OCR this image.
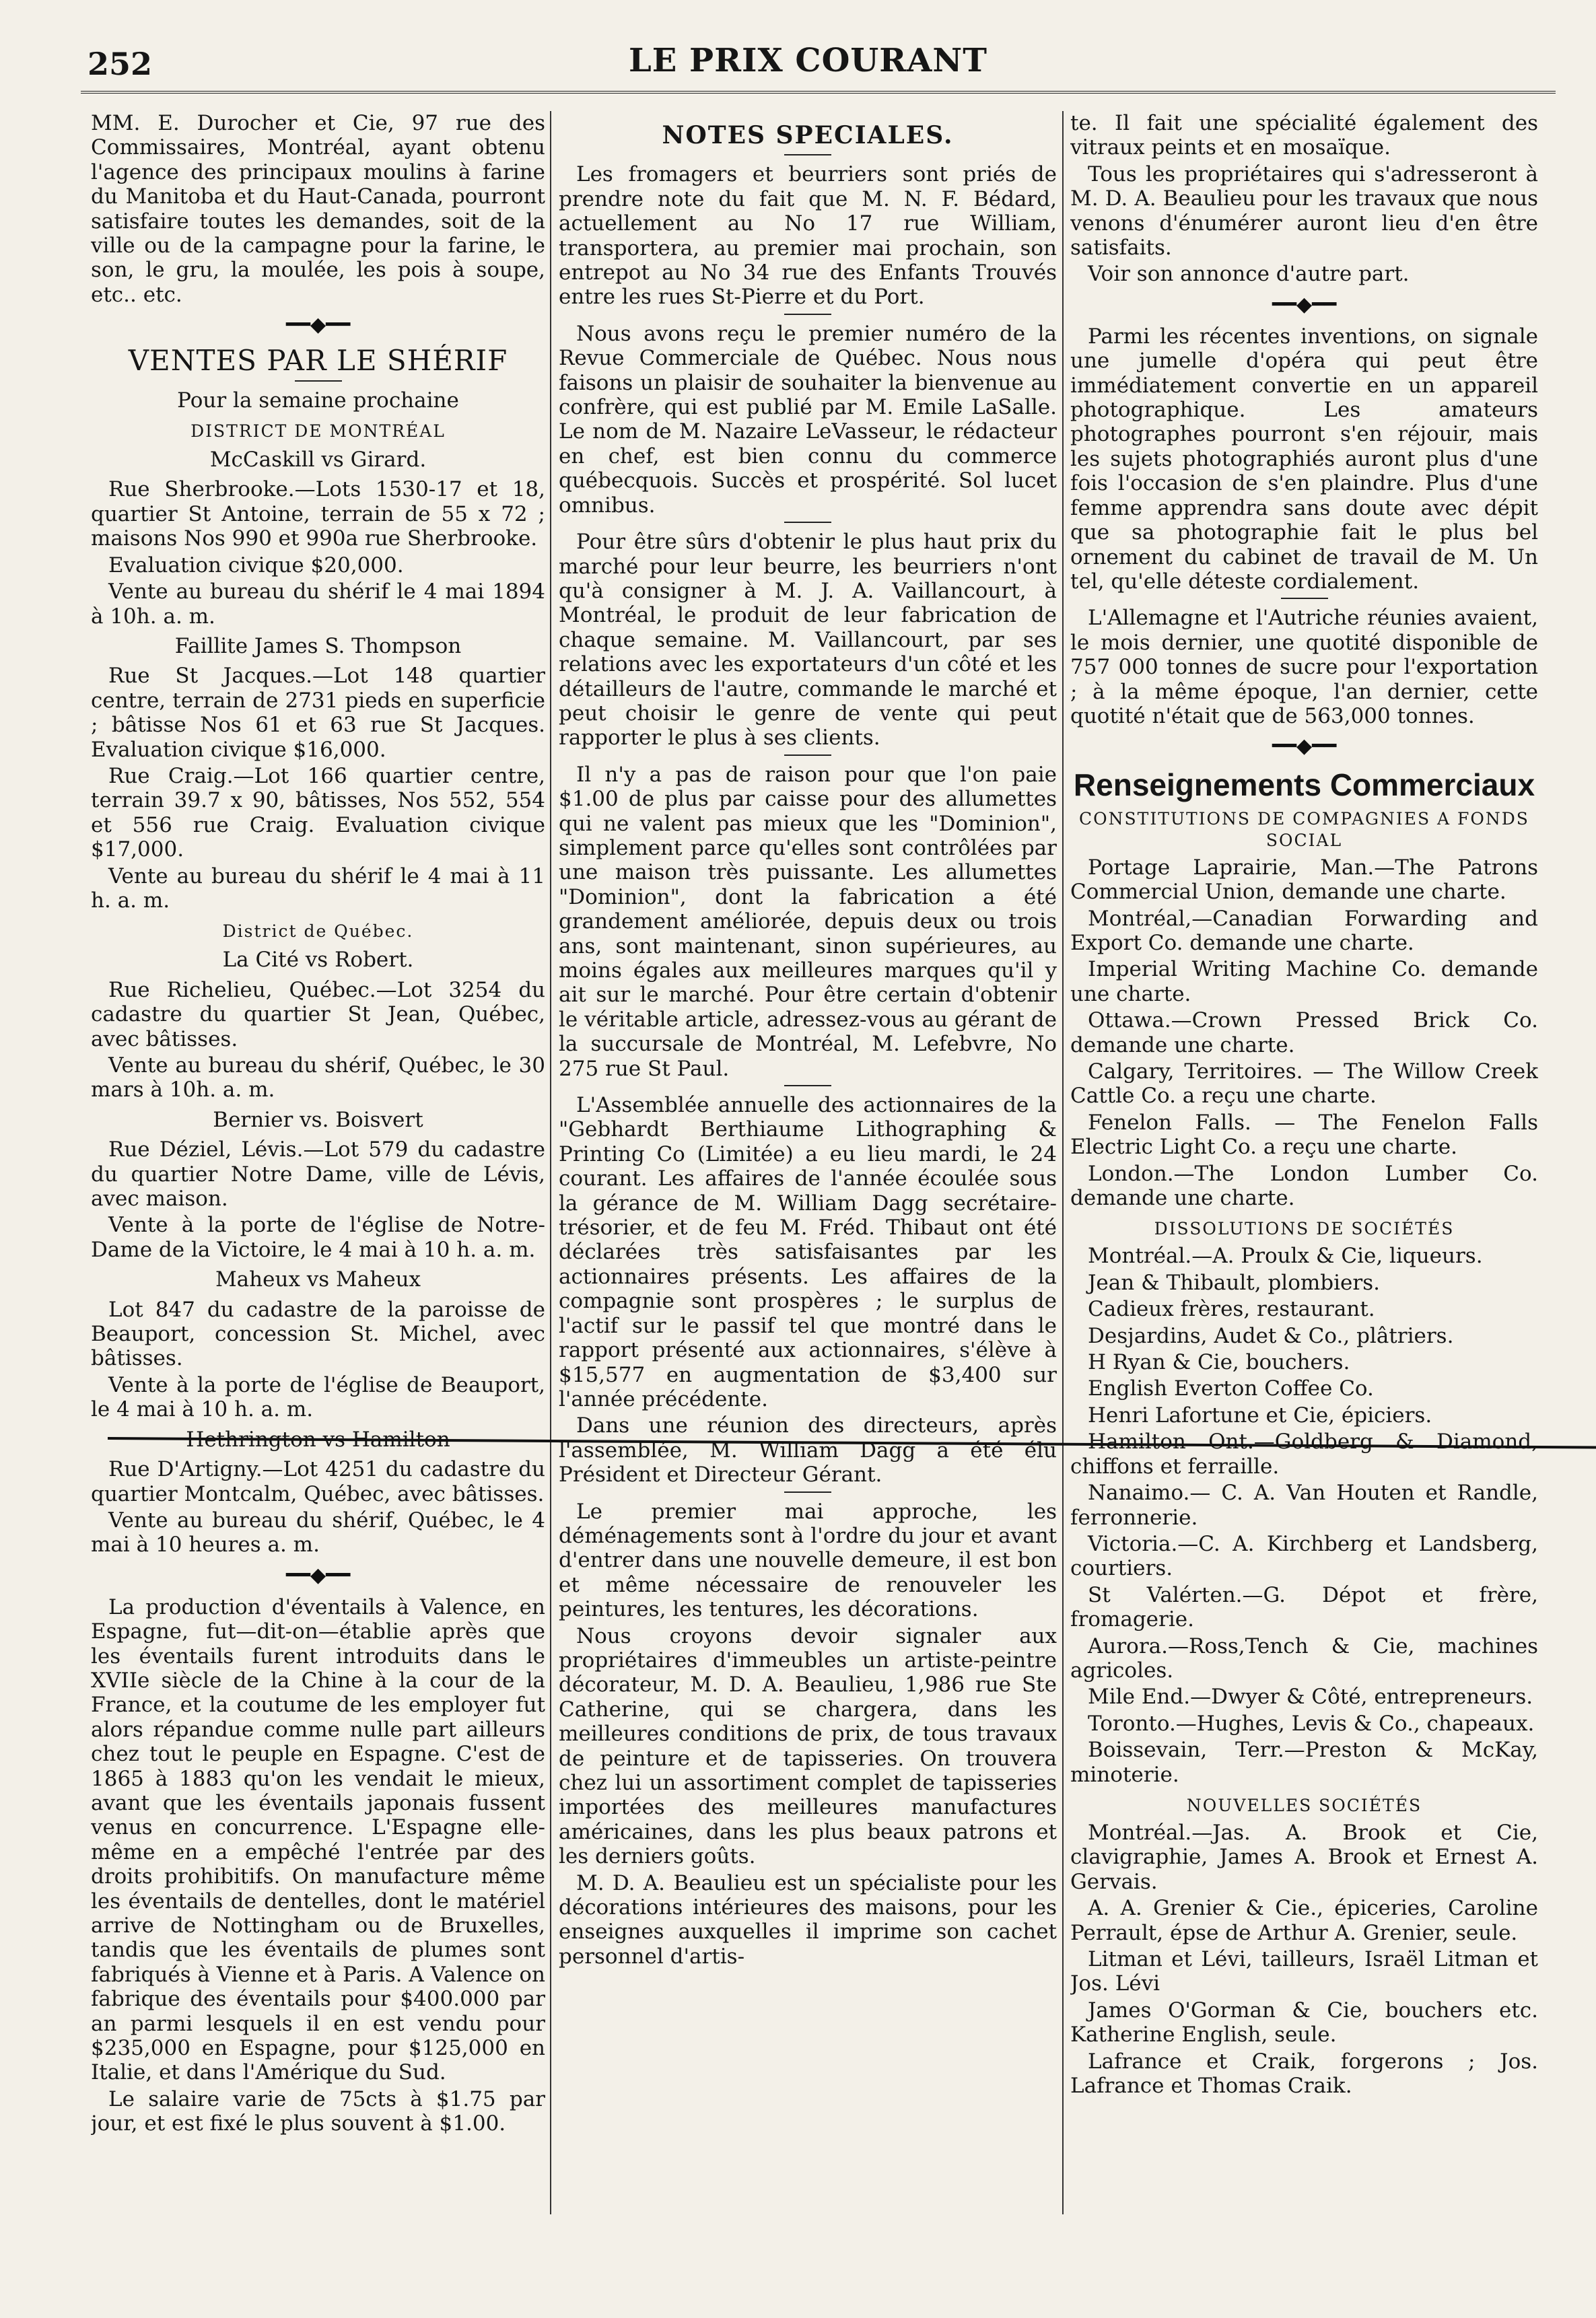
252	LE PRIX COURANT

MM. E. Durocher et Cie, 97 rue des Commissaires, Montréal, ayant obtenu l'agence des principaux moulins à farine du Manitoba et du Haut-Canada, pourront satisfaire toutes les demandes, soit de la ville ou de la campagne pour la farine, le son, le gru, la moulée, les pois à soupe, etc.. etc.

━━◆━━
VENTES PAR LE SHÉRIF
Pour la semaine prochaine
DISTRICT DE MONTRÉAL
McCaskill vs Girard.

Rue Sherbrooke.—Lots 1530-17 et 18, quartier St Antoine, terrain de 55 x 72 ; maisons Nos 990 et 990a rue Sherbrooke.

Evaluation civique $20,000.

Vente au bureau du shérif le 4 mai 1894 à 10h. a. m.

Faillite James S. Thompson

Rue St Jacques.—Lot 148 quartier centre, terrain de 2731 pieds en superficie ; bâtisse Nos 61 et 63 rue St Jacques. Evaluation civique $16,000.

Rue Craig.—Lot 166 quartier centre, terrain 39.7 x 90, bâtisses, Nos 552, 554 et 556 rue Craig. Evaluation civique $17,000.

Vente au bureau du shérif le 4 mai à 11 h. a. m.

District de Québec.
La Cité vs Robert.

Rue Richelieu, Québec.—Lot 3254 du cadastre du quartier St Jean, Québec, avec bâtisses.

Vente au bureau du shérif, Québec, le 30 mars à 10h. a. m.

Bernier vs. Boisvert

Rue Déziel, Lévis.—Lot 579 du cadastre du quartier Notre Dame, ville de Lévis, avec maison.

Vente à la porte de l'église de Notre-Dame de la Victoire, le 4 mai à 10 h. a. m.

Maheux vs Maheux

Lot 847 du cadastre de la paroisse de Beauport, concession St. Michel, avec bâtisses.

Vente à la porte de l'église de Beauport, le 4 mai à 10 h. a. m.

Hethrington vs Hamilton

Rue D'Artigny.—Lot 4251 du cadastre du quartier Montcalm, Québec, avec bâtisses.

Vente au bureau du shérif, Québec, le 4 mai à 10 heures a. m.

━━◆━━

La production d'éventails à Valence, en Espagne, fut—dit-on—établie après que les éventails furent introduits dans le XVIIe siècle de la Chine à la cour de la France, et la coutume de les employer fut alors répandue comme nulle part ailleurs chez tout le peuple en Espagne. C'est de 1865 à 1883 qu'on les vendait le mieux, avant que les éventails japonais fussent venus en concurrence. L'Espagne elle-même en a empêché l'entrée par des droits prohibitifs. On manufacture même les éventails de dentelles, dont le matériel arrive de Nottingham ou de Bruxelles, tandis que les éventails de plumes sont fabriqués à Vienne et à Paris. A Valence on fabrique des éventails pour $400.000 par an parmi lesquels il en est vendu pour $235,000 en Espagne, pour $125,000 en Italie, et dans l'Amérique du Sud.

Le salaire varie de 75cts à $1.75 par jour, et est fixé le plus souvent à $1.00.

NOTES SPECIALES.

Les fromagers et beurriers sont priés de prendre note du fait que M. N. F. Bédard, actuellement au No 17 rue William, transportera, au premier mai prochain, son entrepot au No 34 rue des Enfants Trouvés entre les rues St-Pierre et du Port.

Nous avons reçu le premier numéro de la Revue Commerciale de Québec. Nous nous faisons un plaisir de souhaiter la bienvenue au confrère, qui est publié par M. Emile LaSalle. Le nom de M. Nazaire LeVasseur, le rédacteur en chef, est bien connu du commerce québecquois. Succès et prospérité. Sol lucet omnibus.

Pour être sûrs d'obtenir le plus haut prix du marché pour leur beurre, les beurriers n'ont qu'à consigner à M. J. A. Vaillancourt, à Montréal, le produit de leur fabrication de chaque semaine. M. Vaillancourt, par ses relations avec les exportateurs d'un côté et les détailleurs de l'autre, commande le marché et peut choisir le genre de vente qui peut rapporter le plus à ses clients.

Il n'y a pas de raison pour que l'on paie $1.00 de plus par caisse pour des allumettes qui ne valent pas mieux que les "Dominion", simplement parce qu'elles sont contrôlées par une maison très puissante. Les allumettes "Dominion", dont la fabrication a été grandement améliorée, depuis deux ou trois ans, sont maintenant, sinon supérieures, au moins égales aux meilleures marques qu'il y ait sur le marché. Pour être certain d'obtenir le véritable article, adressez-vous au gérant de la succursale de Montréal, M. Lefebvre, No 275 rue St Paul.

L'Assemblée annuelle des actionnaires de la "Gebhardt Berthiaume Lithographing & Printing Co (Limitée) a eu lieu mardi, le 24 courant. Les affaires de l'année écoulée sous la gérance de M. William Dagg secrétaire-trésorier, et de feu M. Fréd. Thibaut ont été déclarées très satisfaisantes par les actionnaires présents. Les affaires de la compagnie sont prospères ; le surplus de l'actif sur le passif tel que montré dans le rapport présenté aux actionnaires, s'élève à $15,577 en augmentation de $3,400 sur l'année précédente.

Dans une réunion des directeurs, après l'assemblée, M. William Dagg a été élu Président et Directeur Gérant.

Le premier mai approche, les déménagements sont à l'ordre du jour et avant d'entrer dans une nouvelle demeure, il est bon et même nécessaire de renouveler les peintures, les tentures, les décorations.

Nous croyons devoir signaler aux propriétaires d'immeubles un artiste-peintre décorateur, M. D. A. Beaulieu, 1,986 rue Ste Catherine, qui se chargera, dans les meilleures conditions de prix, de tous travaux de peinture et de tapisseries. On trouvera chez lui un assortiment complet de tapisseries importées des meilleures manufactures américaines, dans les plus beaux patrons et les derniers goûts.

M. D. A. Beaulieu est un spécialiste pour les décorations intérieures des maisons, pour les enseignes auxquelles il imprime son cachet personnel d'artis-

te. Il fait une spécialité également des vitraux peints et en mosaïque.

Tous les propriétaires qui s'adresseront à M. D. A. Beaulieu pour les travaux que nous venons d'énumérer auront lieu d'en être satisfaits.

Voir son annonce d'autre part.

━━◆━━

Parmi les récentes inventions, on signale une jumelle d'opéra qui peut être immédiatement convertie en un appareil photographique. Les amateurs photographes pourront s'en réjouir, mais les sujets photographiés auront plus d'une fois l'occasion de s'en plaindre. Plus d'une femme apprendra sans doute avec dépit que sa photographie fait le plus bel ornement du cabinet de travail de M. Un tel, qu'elle déteste cordialement.

L'Allemagne et l'Autriche réunies avaient, le mois dernier, une quotité disponible de 757 000 tonnes de sucre pour l'exportation ; à la même époque, l'an dernier, cette quotité n'était que de 563,000 tonnes.

━━◆━━
Renseignements Commerciaux
CONSTITUTIONS DE COMPAGNIES A FONDS SOCIAL

Portage Laprairie, Man.—The Patrons Commercial Union, demande une charte.

Montréal,—Canadian Forwarding and Export Co. demande une charte.

Imperial Writing Machine Co. demande une charte.

Ottawa.—Crown Pressed Brick Co. demande une charte.

Calgary, Territoires. — The Willow Creek Cattle Co. a reçu une charte.

Fenelon Falls. — The Fenelon Falls Electric Light Co. a reçu une charte.

London.—The London Lumber Co. demande une charte.

DISSOLUTIONS DE SOCIÉTÉS

Montréal.—A. Proulx & Cie, liqueurs.

Jean & Thibault, plombiers.

Cadieux frères, restaurant.

Desjardins, Audet & Co., plâtriers.

H Ryan & Cie, bouchers.

English Everton Coffee Co.

Henri Lafortune et Cie, épiciers.

Hamilton Ont.—Goldberg & Diamond, chiffons et ferraille.

Nanaimo.— C. A. Van Houten et Randle, ferronnerie.

Victoria.—C. A. Kirchberg et Landsberg, courtiers.

St Valérten.—G. Dépot et frère, fromagerie.

Aurora.—Ross,Tench & Cie, machines agricoles.

Mile End.—Dwyer & Côté, entrepreneurs.

Toronto.—Hughes, Levis & Co., chapeaux.

Boissevain, Terr.—Preston & McKay, minoterie.

NOUVELLES SOCIÉTÉS

Montréal.—Jas. A. Brook et Cie, clavigraphie, James A. Brook et Ernest A. Gervais.

A. A. Grenier & Cie., épiceries, Caroline Perrault, épse de Arthur A. Grenier, seule.

Litman et Lévi, tailleurs, Israël Litman et Jos. Lévi

James O'Gorman & Cie, bouchers etc. Katherine English, seule.

Lafrance et Craik, forgerons ; Jos. Lafrance et Thomas Craik.
